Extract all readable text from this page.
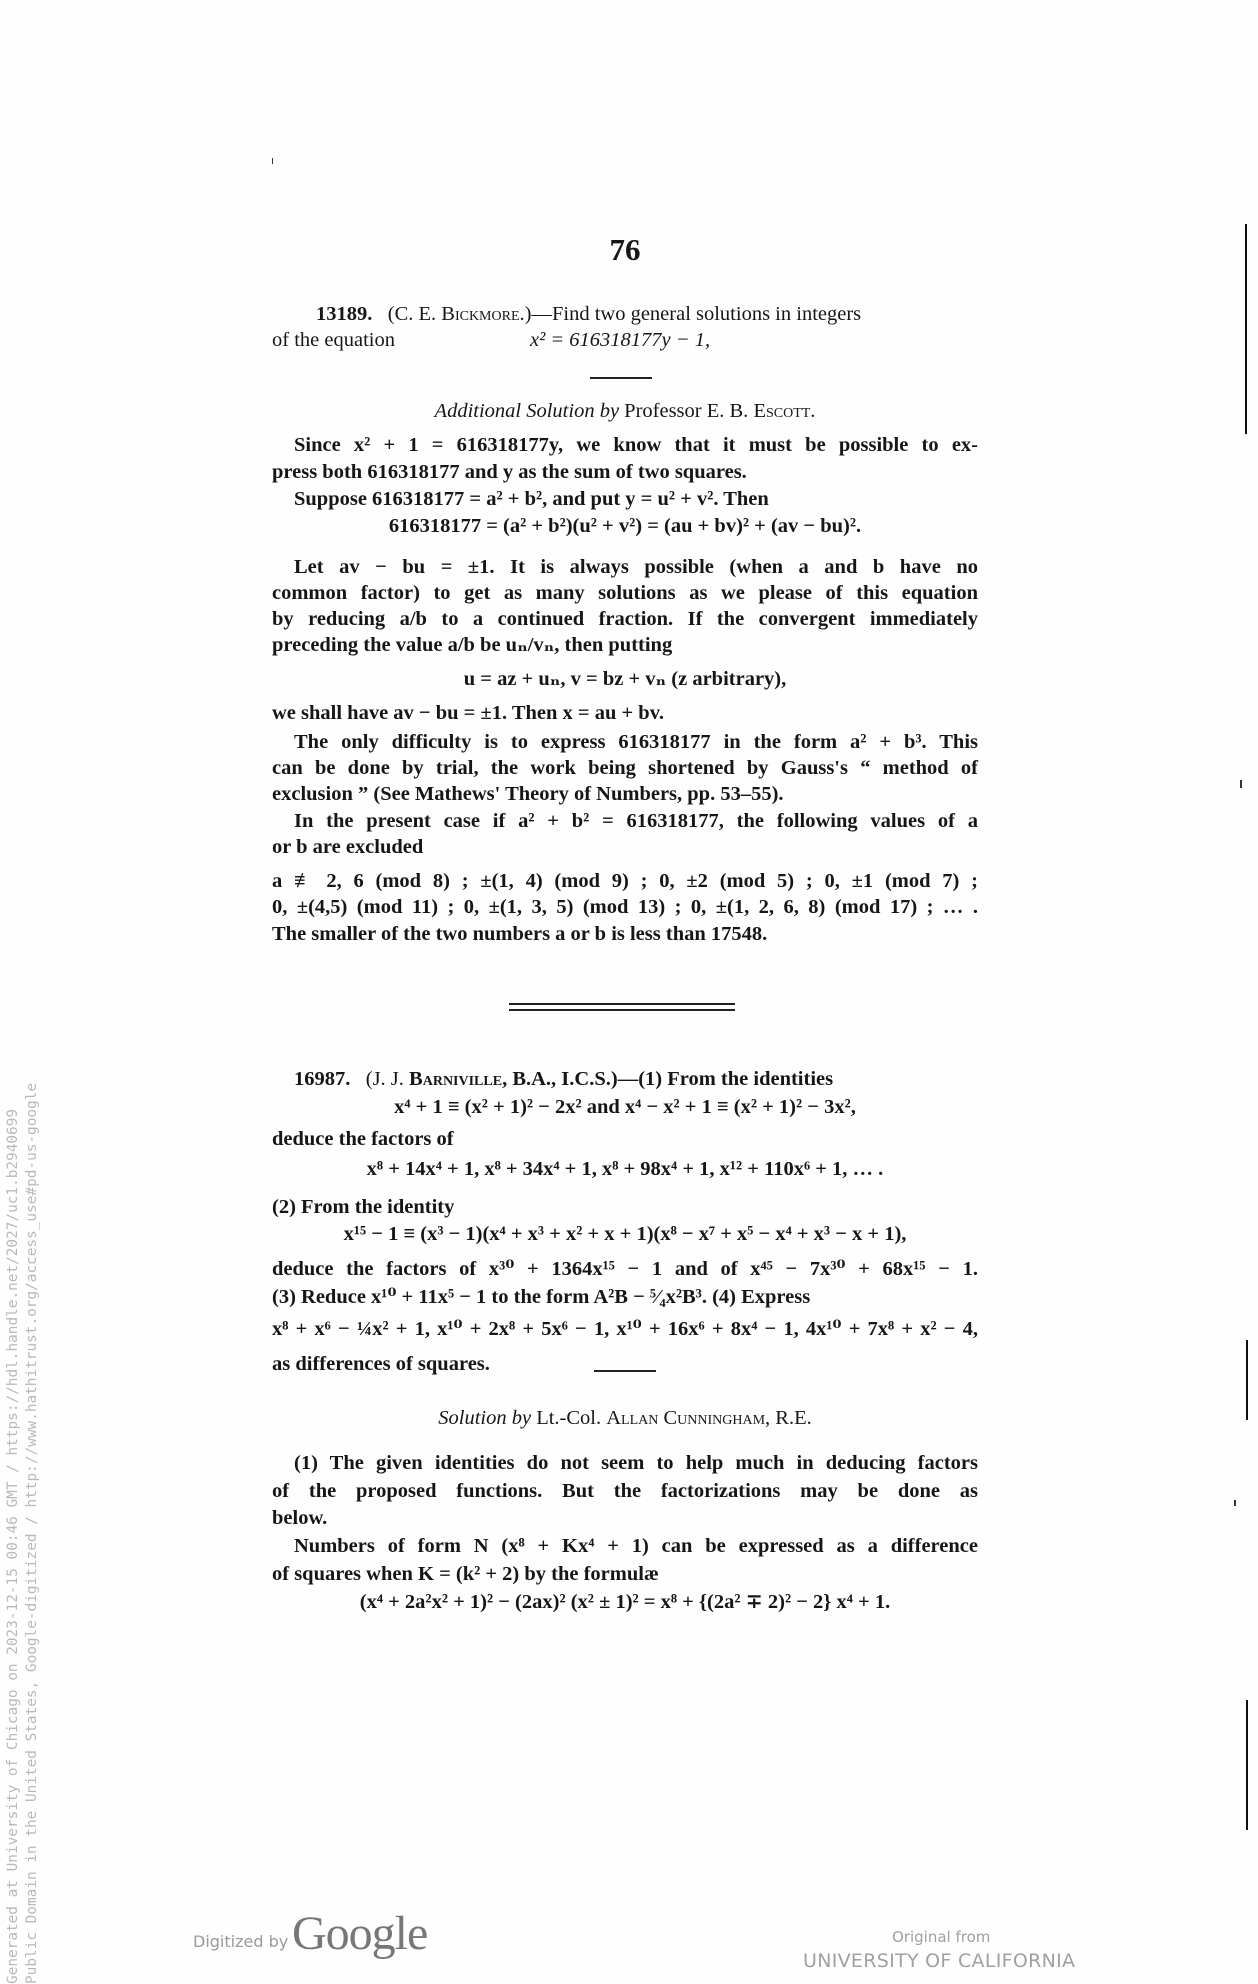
76
13189. (C. E. Bickmore.)—Find two general solutions in integers
of the equation	x² = 616318177y − 1,
Additional Solution by Professor E. B. Escott.
Since x² + 1 = 616318177y, we know that it must be possible to ex-
press both 616318177 and y as the sum of two squares.
Suppose 616318177 = a² + b², and put y = u² + v². Then
616318177 = (a² + b²)(u² + v²) = (au + bv)² + (av − bu)².
Let av − bu = ±1. It is always possible (when a and b have no
common factor) to get as many solutions as we please of this equation
by reducing a/b to a continued fraction. If the convergent immediately
preceding the value a/b be uₙ/vₙ, then putting
u = az + uₙ, v = bz + vₙ (z arbitrary),
we shall have av − bu = ±1. Then x = au + bv.
The only difficulty is to express 616318177 in the form a² + b³. This
can be done by trial, the work being shortened by Gauss's “ method of
exclusion ” (See Mathews' Theory of Numbers, pp. 53–55).
In the present case if a² + b² = 616318177, the following values of a
or b are excluded
a ≢ 2, 6 (mod 8) ; ±(1, 4) (mod 9) ; 0, ±2 (mod 5) ; 0, ±1 (mod 7) ;
0, ±(4,5) (mod 11) ; 0, ±(1, 3, 5) (mod 13) ; 0, ±(1, 2, 6, 8) (mod 17) ; … .
The smaller of the two numbers a or b is less than 17548.
16987. (J. J. Barniville, B.A., I.C.S.)—(1) From the identities
x⁴ + 1 ≡ (x² + 1)² − 2x² and x⁴ − x² + 1 ≡ (x² + 1)² − 3x²,
deduce the factors of
x⁸ + 14x⁴ + 1, x⁸ + 34x⁴ + 1, x⁸ + 98x⁴ + 1, x¹² + 110x⁶ + 1, … .
(2) From the identity
x¹⁵ − 1 ≡ (x³ − 1)(x⁴ + x³ + x² + x + 1)(x⁸ − x⁷ + x⁵ − x⁴ + x³ − x + 1),
deduce the factors of x³⁰ + 1364x¹⁵ − 1 and of x⁴⁵ − 7x³⁰ + 68x¹⁵ − 1.
(3) Reduce x¹⁰ + 11x⁵ − 1 to the form A²B − ⁵⁄₄x²B³. (4) Express
x⁸ + x⁶ − ¼x² + 1, x¹⁰ + 2x⁸ + 5x⁶ − 1, x¹⁰ + 16x⁶ + 8x⁴ − 1, 4x¹⁰ + 7x⁸ + x² − 4,
as differences of squares.
Solution by Lt.-Col. Allan Cunningham, R.E.
(1) The given identities do not seem to help much in deducing factors
of the proposed functions. But the factorizations may be done as
below.
Numbers of form N (x⁸ + Kx⁴ + 1) can be expressed as a difference
of squares when K = (k² + 2) by the formulæ
(x⁴ + 2a²x² + 1)² − (2ax)² (x² ± 1)² = x⁸ + {(2a² ∓ 2)² − 2} x⁴ + 1.
Generated at University of Chicago on 2023-12-15 00:46 GMT / https://hdl.handle.net/2027/uc1.b2940699 Public Domain in the United States, Google-digitized / http://www.hathitrust.org/access_use#pd-us-google	Digitized by Google	Original from
UNIVERSITY OF CALIFORNIA
